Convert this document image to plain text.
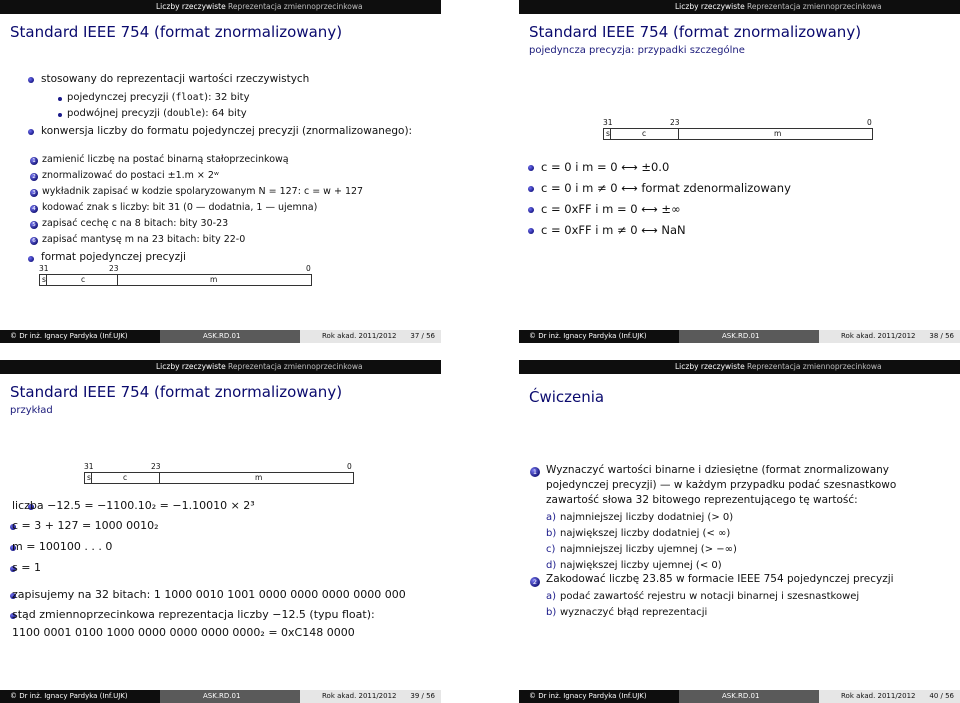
Liczby rzeczywiste Reprezentacja zmiennoprzecinkowa
Standard IEEE 754 (format znormalizowany)
stosowany do reprezentacji wartości rzeczywistych
pojedynczej precyzji (float): 32 bity
podwójnej precyzji (double): 64 bity
konwersja liczby do formatu pojedynczej precyzji (znormalizowanego):
1 zamienić liczbę na postać binarną stałoprzecinkową
2 znormalizować do postaci ±1.m × 2ʷ
3 wykładnik zapisać w kodzie spolaryzowanym N = 127: c = w + 127
4 kodować znak s liczby: bit 31 (0 — dodatnia, 1 — ujemna)
5 zapisać cechę c na 8 bitach: bity 30-23
6 zapisać mantysę m na 23 bitach: bity 22-0
format pojedynczej precyzji
31	23	0
s	c	m
© Dr inż. Ignacy Pardyka (Inf.UJK)	ASK.RD.01	Rok akad. 2011/2012	37 / 56
Liczby rzeczywiste Reprezentacja zmiennoprzecinkowa
Standard IEEE 754 (format znormalizowany)
pojedyncza precyzja: przypadki szczególne
31	23	0
s	c	m
c = 0 i m = 0 ⟷ ±0.0
c = 0 i m ≠ 0 ⟷ format zdenormalizowany
c = 0xFF i m = 0 ⟷ ±∞
c = 0xFF i m ≠ 0 ⟷ NaN
© Dr inż. Ignacy Pardyka (Inf.UJK)	ASK.RD.01	Rok akad. 2011/2012	38 / 56
Liczby rzeczywiste Reprezentacja zmiennoprzecinkowa
Standard IEEE 754 (format znormalizowany)
przykład
31	23	0
s	c	m
liczba −12.5 = −1100.10₂ = −1.10010 × 2³
c = 3 + 127 = 1000 0010₂
m = 100100 . . . 0
s = 1
zapisujemy na 32 bitach: 1 1000 0010 1001 0000 0000 0000 0000 000
stąd zmiennoprzecinkowa reprezentacja liczby −12.5 (typu float):
1100 0001 0100 1000 0000 0000 0000 0000₂ = 0xC148 0000
© Dr inż. Ignacy Pardyka (Inf.UJK)	ASK.RD.01	Rok akad. 2011/2012	39 / 56
Liczby rzeczywiste Reprezentacja zmiennoprzecinkowa
Ćwiczenia
1 Wyznaczyć wartości binarne i dziesiętne (format znormalizowany
pojedynczej precyzji) — w każdym przypadku podać szesnastkowo
zawartość słowa 32 bitowego reprezentującego tę wartość:
a) najmniejszej liczby dodatniej (> 0)
b) największej liczby dodatniej (< ∞)
c) najmniejszej liczby ujemnej (> −∞)
d) największej liczby ujemnej (< 0)
2 Zakodować liczbę 23.85 w formacie IEEE 754 pojedynczej precyzji
a) podać zawartość rejestru w notacji binarnej i szesnastkowej
b) wyznaczyć błąd reprezentacji
© Dr inż. Ignacy Pardyka (Inf.UJK)	ASK.RD.01	Rok akad. 2011/2012	40 / 56
